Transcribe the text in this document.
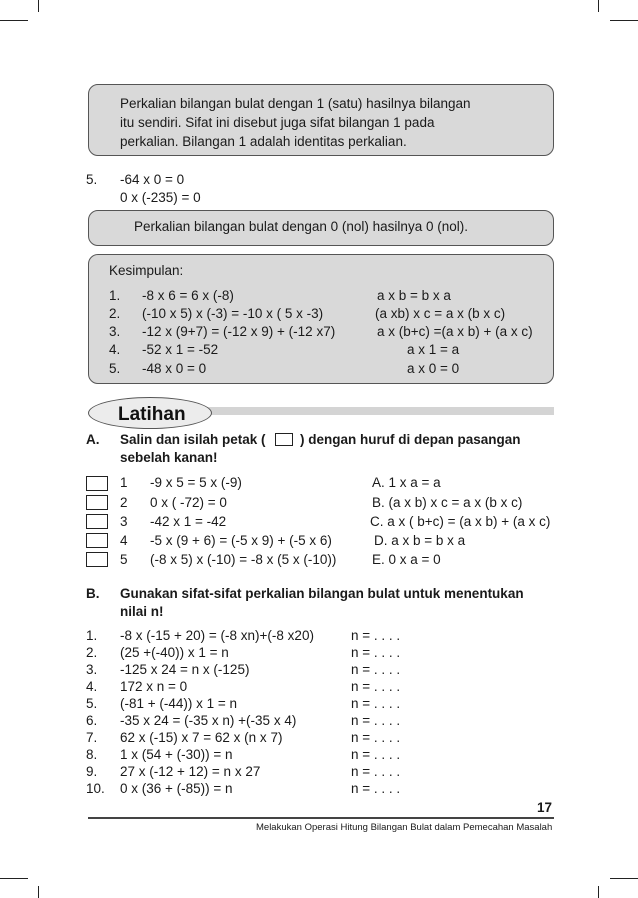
Perkalian bilangan bulat dengan 1 (satu) hasilnya bilangan
itu sendiri. Sifat ini disebut juga sifat bilangan 1 pada
perkalian. Bilangan 1 adalah identitas perkalian.
5. -64 x 0 = 0
0 x (-235) = 0
Perkalian bilangan bulat dengan 0 (nol) hasilnya 0 (nol).
Kesimpulan:
1. -8 x 6 = 6 x (-8)	a x b = b x a
2. (-10 x 5) x (-3) = -10 x ( 5 x -3)	(a xb) x c = a x (b x c)
3. -12 x (9+7) = (-12 x 9) + (-12 x7)	a x (b+c) =(a x b) + (a x c)
4. -52 x 1 = -52	a x 1 = a
5. -48 x 0 = 0	a x 0 = 0
Latihan
A. Salin dan isilah petak (	) dengan huruf di depan pasangan
sebelah kanan!
1 -9 x 5 = 5 x (-9)	A. 1 x a = a
2 0 x ( -72) = 0	B. (a x b) x c = a x (b x c)
3 -42 x 1 = -42	C. a x ( b+c) = (a x b) + (a x c)
4 -5 x (9 + 6) = (-5 x 9) + (-5 x 6)	D. a x b = b x a
5 (-8 x 5) x (-10) = -8 x (5 x (-10))	E. 0 x a = 0
B. Gunakan sifat-sifat perkalian bilangan bulat untuk menentukan
nilai n!
1. -8 x (-15 + 20) = (-8 xn)+(-8 x20)	n = . . . .
2. (25 +(-40)) x 1 = n	n = . . . .
3. -125 x 24 = n x (-125)	n = . . . .
4. 172 x n = 0	n = . . . .
5. (-81 + (-44)) x 1 = n	n = . . . .
6. -35 x 24 = (-35 x n) +(-35 x 4)	n = . . . .
7. 62 x (-15) x 7 = 62 x (n x 7)	n = . . . .
8. 1 x (54 + (-30)) = n	n = . . . .
9. 27 x (-12 + 12) = n x 27	n = . . . .
10. 0 x (36 + (-85)) = n	n = . . . .
17
Melakukan Operasi Hitung Bilangan Bulat dalam Pemecahan Masalah
